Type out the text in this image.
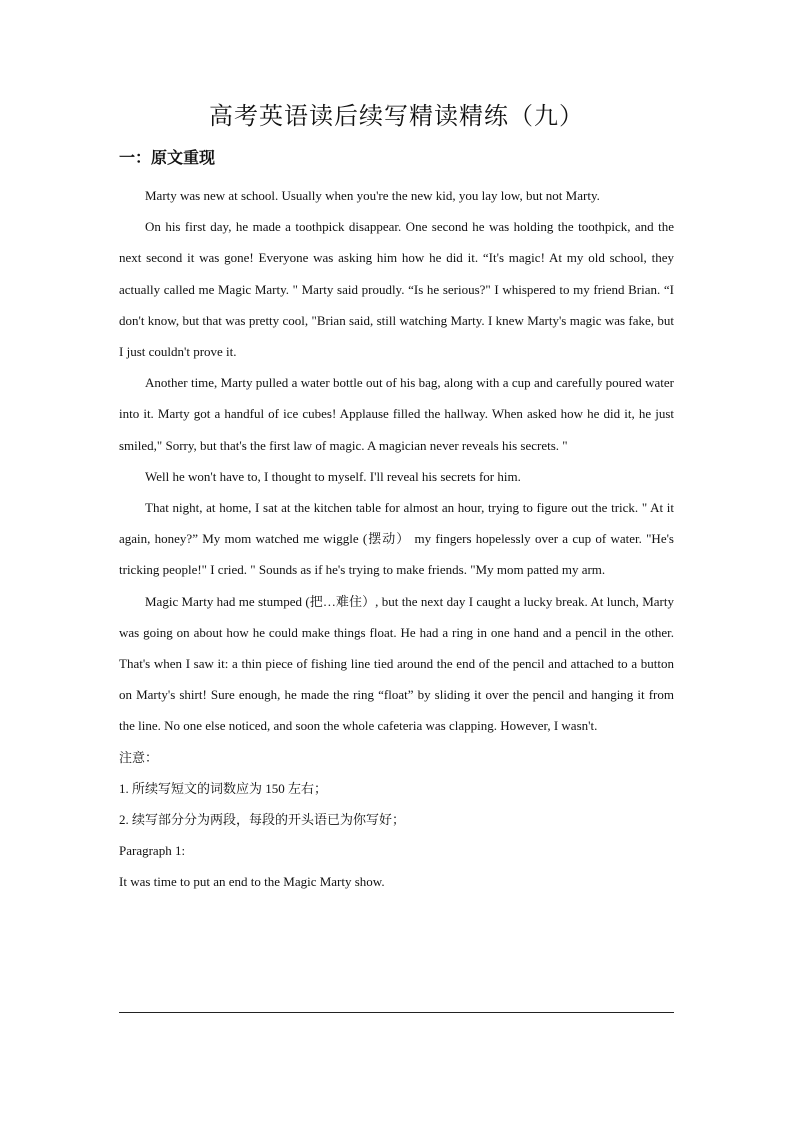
高考英语读后续写精读精练（九）
一：原文重现

Marty was new at school. Usually when you're the new kid, you lay low, but not Marty.

On his first day, he made a toothpick disappear. One second he was holding the toothpick, and the next second it was gone! Everyone was asking him how he did it. “It's magic! At my old school, they actually called me Magic Marty. " Marty said proudly. “Is he serious?" I whispered to my friend Brian. “I don't know, but that was pretty cool, "Brian said, still watching Marty. I knew Marty's magic was fake, but I just couldn't prove it.

Another time, Marty pulled a water bottle out of his bag, along with a cup and carefully poured water into it. Marty got a handful of ice cubes! Applause filled the hallway. When asked how he did it, he just smiled," Sorry, but that's the first law of magic. A magician never reveals his secrets. "

Well he won't have to, I thought to myself. I'll reveal his secrets for him.

That night, at home, I sat at the kitchen table for almost an hour, trying to figure out the trick. " At it again, honey?” My mom watched me wiggle (摆动） my fingers hopelessly over a cup of water. "He's tricking people!" I cried. " Sounds as if he's trying to make friends. "My mom patted my arm.

Magic Marty had me stumped (把…难住）, but the next day I caught a lucky break. At lunch, Marty was going on about how he could make things float. He had a ring in one hand and a pencil in the other. That's when I saw it: a thin piece of fishing line tied around the end of the pencil and attached to a button on Marty's shirt! Sure enough, he made the ring “float” by sliding it over the pencil and hanging it from the line. No one else noticed, and soon the whole cafeteria was clapping. However, I wasn't.

注意：

1. 所续写短文的词数应为 150 左右；

2. 续写部分分为两段，每段的开头语已为你写好；

Paragraph 1:

It was time to put an end to the Magic Marty show.
